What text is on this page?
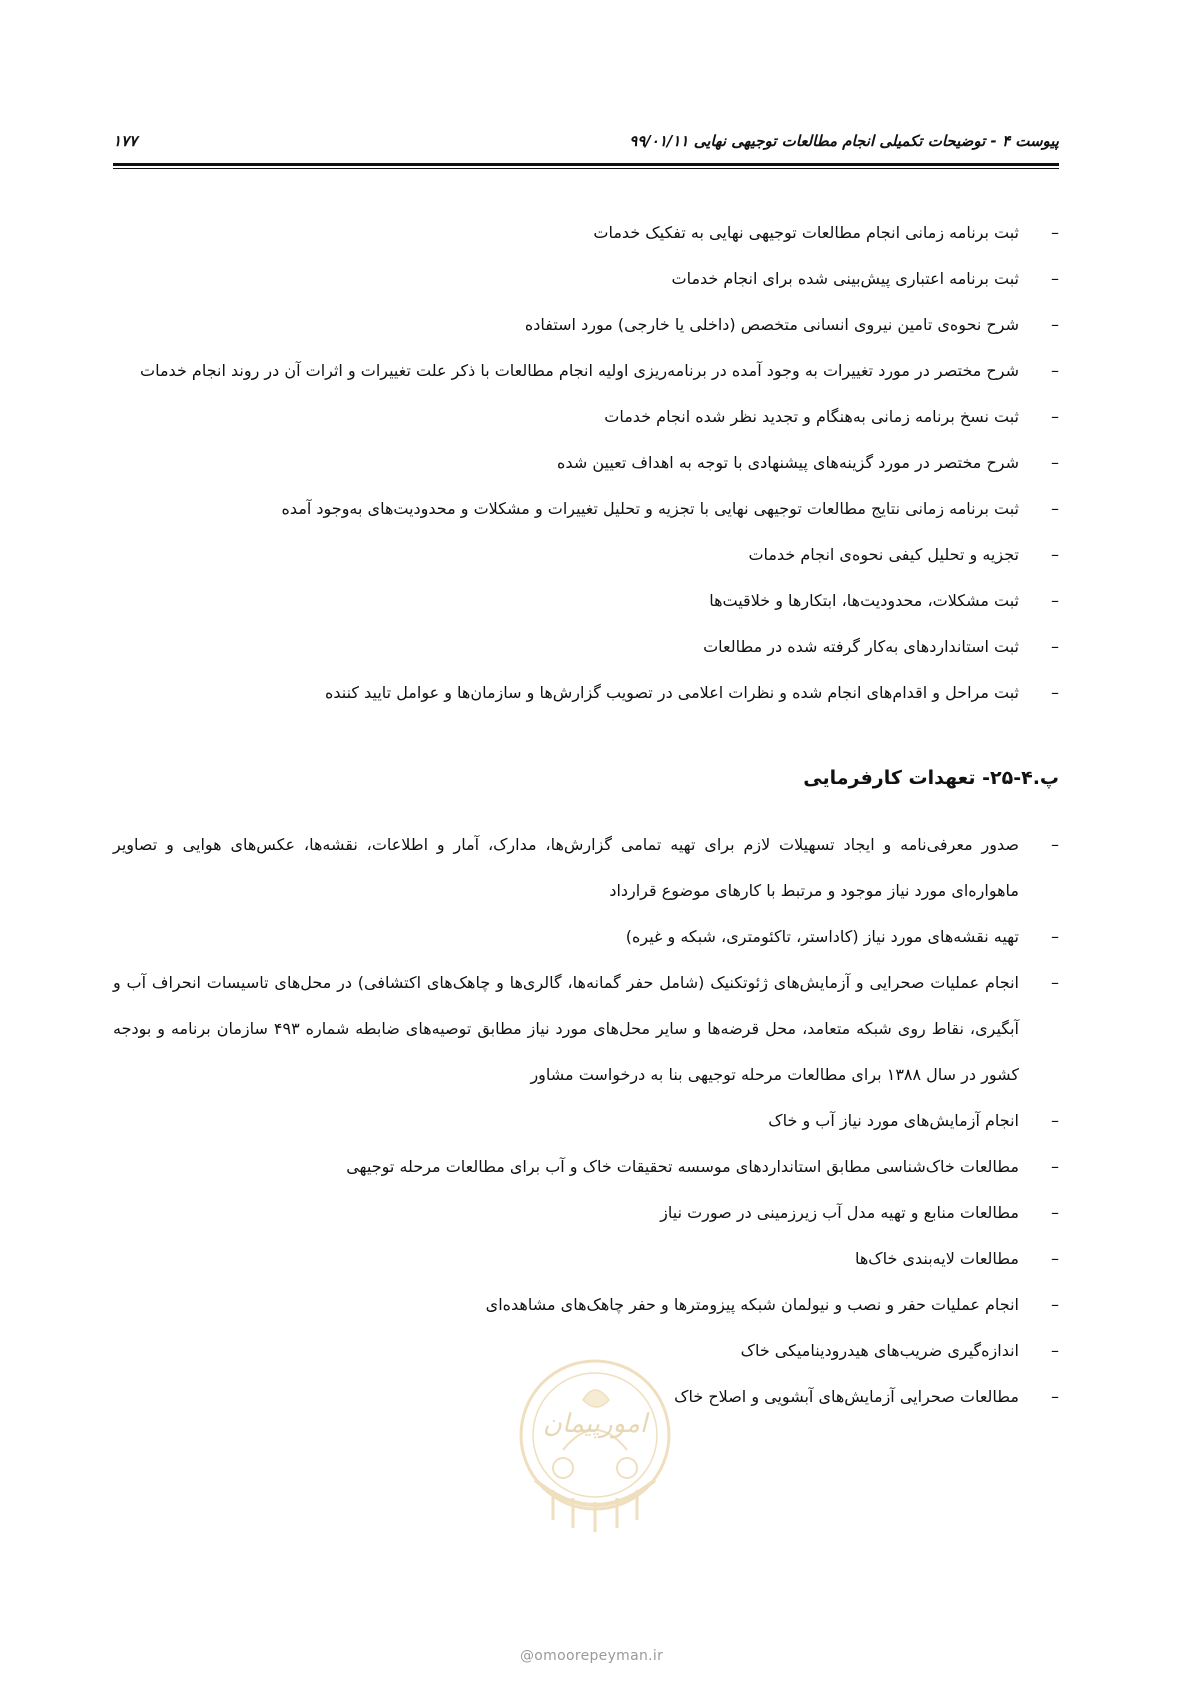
پیوست ۴ - توضیحات تکمیلی انجام مطالعات توجیهی نهایی ۹۹/۰۱/۱۱
۱۷۷
–
ثبت برنامه زمانی انجام مطالعات توجیهی نهایی به تفکیک خدمات
–
ثبت برنامه اعتباری پیش‌بینی شده برای انجام خدمات
–
شرح نحوه‌ی تامین نیروی انسانی متخصص (داخلی یا خارجی) مورد استفاده
–
شرح مختصر در مورد تغییرات به وجود آمده در برنامه‌ریزی اولیه انجام مطالعات با ذکر علت تغییرات و اثرات آن در روند انجام خدمات
–
ثبت نسخ برنامه زمانی به‌هنگام و تجدید نظر شده انجام خدمات
–
شرح مختصر در مورد گزینه‌های پیشنهادی با توجه به اهداف تعیین شده
–
ثبت برنامه زمانی نتایج مطالعات توجیهی نهایی با تجزیه و تحلیل تغییرات و مشکلات و محدودیت‌های به‌وجود آمده
–
تجزیه و تحلیل کیفی نحوه‌ی انجام خدمات
–
ثبت مشکلات، محدودیت‌ها، ابتکارها و خلاقیت‌ها
–
ثبت استانداردهای به‌کار گرفته شده در مطالعات
–
ثبت مراحل و اقدام‌های انجام شده و نظرات اعلامی در تصویب گزارش‌ها و سازمان‌ها و عوامل تایید کننده
پ.۴-۲۵- تعهدات کارفرمایی
–
صدور معرفی‌نامه و ایجاد تسهیلات لازم برای تهیه تمامی گزارش‌ها، مدارک، آمار و اطلاعات، نقشه‌ها، عکس‌های هوایی و تصاویر ماهواره‌ای مورد نیاز موجود و مرتبط با کارهای موضوع قرارداد
–
تهیه نقشه‌های مورد نیاز (کاداستر، تاکئومتری، شبکه و غیره)
–
انجام عملیات صحرایی و آزمایش‌های ژئوتکنیک (شامل حفر گمانه‌ها، گالری‌ها و چاهک‌های اکتشافی) در محل‌های تاسیسات انحراف آب و آبگیری، نقاط روی شبکه متعامد، محل قرضه‌ها و سایر محل‌های مورد نیاز مطابق توصیه‌های ضابطه شماره ۴۹۳ سازمان برنامه و بودجه کشور در سال ۱۳۸۸ برای مطالعات مرحله توجیهی بنا به درخواست مشاور
–
انجام آزمایش‌های مورد نیاز آب و خاک
–
مطالعات خاک‌شناسی مطابق استانداردهای موسسه تحقیقات خاک و آب برای مطالعات مرحله توجیهی
–
مطالعات منابع و تهیه مدل آب زیرزمینی در صورت نیاز
–
مطالعات لایه‌بندی خاک‌ها
–
انجام عملیات حفر و نصب و نیولمان شبکه پیزومترها و حفر چاهک‌های مشاهده‌ای
–
اندازه‌گیری ضریب‌های هیدرودینامیکی خاک
–
مطالعات صحرایی آزمایش‌های آبشویی و اصلاح خاک
امورپیمان
@omoorepeyman.ir
